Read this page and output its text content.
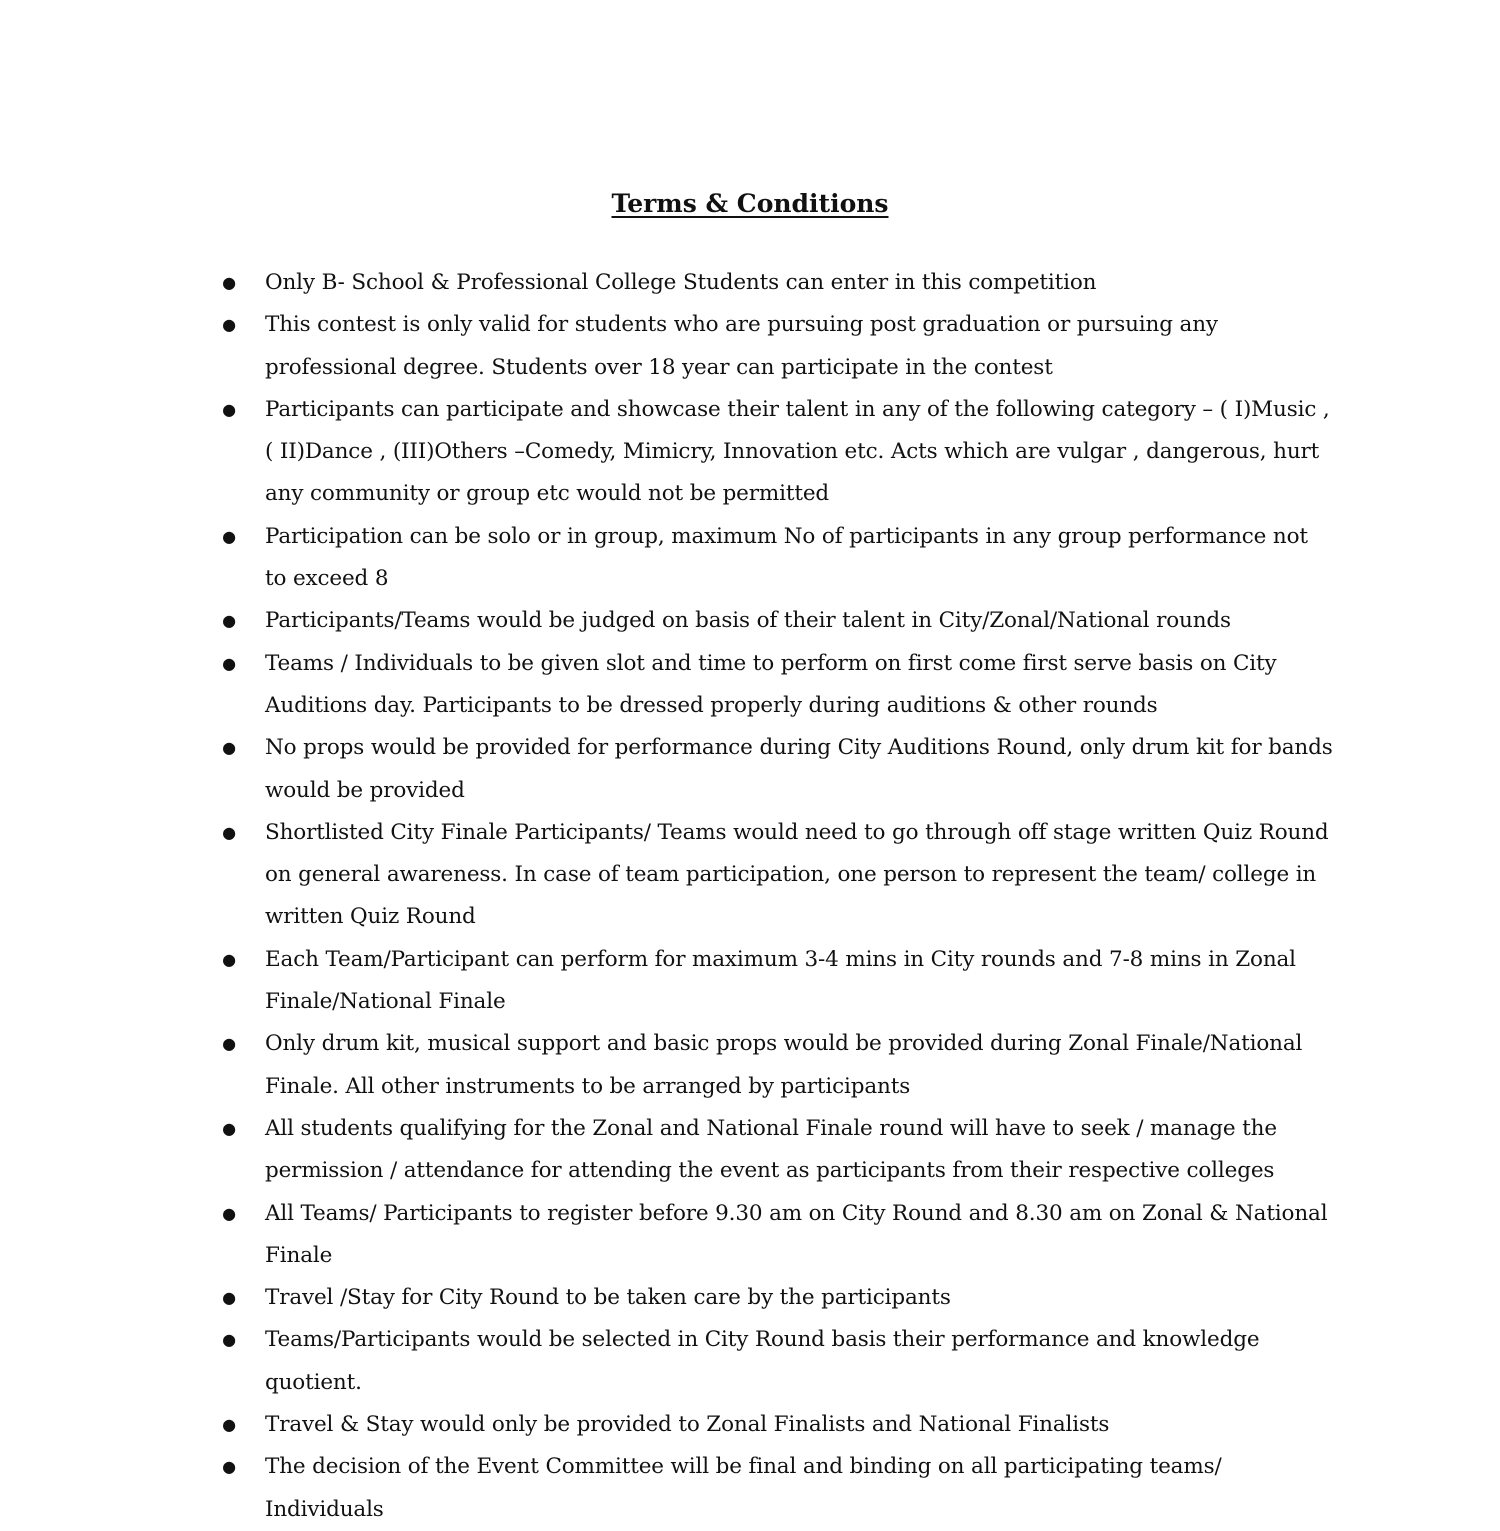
Terms & Conditions
● Only B- School & Professional College Students can enter in this competition
● This contest is only valid for students who are pursuing post graduation or pursuing any professional degree. Students over 18 year can participate in the contest
● Participants can participate and showcase their talent in any of the following category – ( I)Music ,( II)Dance , (III)Others –Comedy, Mimicry, Innovation etc. Acts which are vulgar , dangerous, hurt any community or group etc would not be permitted
● Participation can be solo or in group, maximum No of participants in any group performance not to exceed 8
● Participants/Teams would be judged on basis of their talent in City/Zonal/National rounds
● Teams / Individuals to be given slot and time to perform on first come first serve basis on City Auditions day. Participants to be dressed properly during auditions & other rounds
● No props would be provided for performance during City Auditions Round, only drum kit for bands would be provided
● Shortlisted City Finale Participants/ Teams would need to go through off stage written Quiz Round on general awareness. In case of team participation, one person to represent the team/ college in written Quiz Round
● Each Team/Participant can perform for maximum 3-4 mins in City rounds and 7-8 mins in Zonal Finale/National Finale
● Only drum kit, musical support and basic props would be provided during Zonal Finale/National Finale. All other instruments to be arranged by participants
● All students qualifying for the Zonal and National Finale round will have to seek / manage the permission / attendance for attending the event as participants from their respective colleges
● All Teams/ Participants to register before 9.30 am on City Round and 8.30 am on Zonal & National Finale
● Travel /Stay for City Round to be taken care by the participants
● Teams/Participants would be selected in City Round basis their performance and knowledge quotient.
● Travel & Stay would only be provided to Zonal Finalists and National Finalists
● The decision of the Event Committee will be final and binding on all participating teams/ Individuals
